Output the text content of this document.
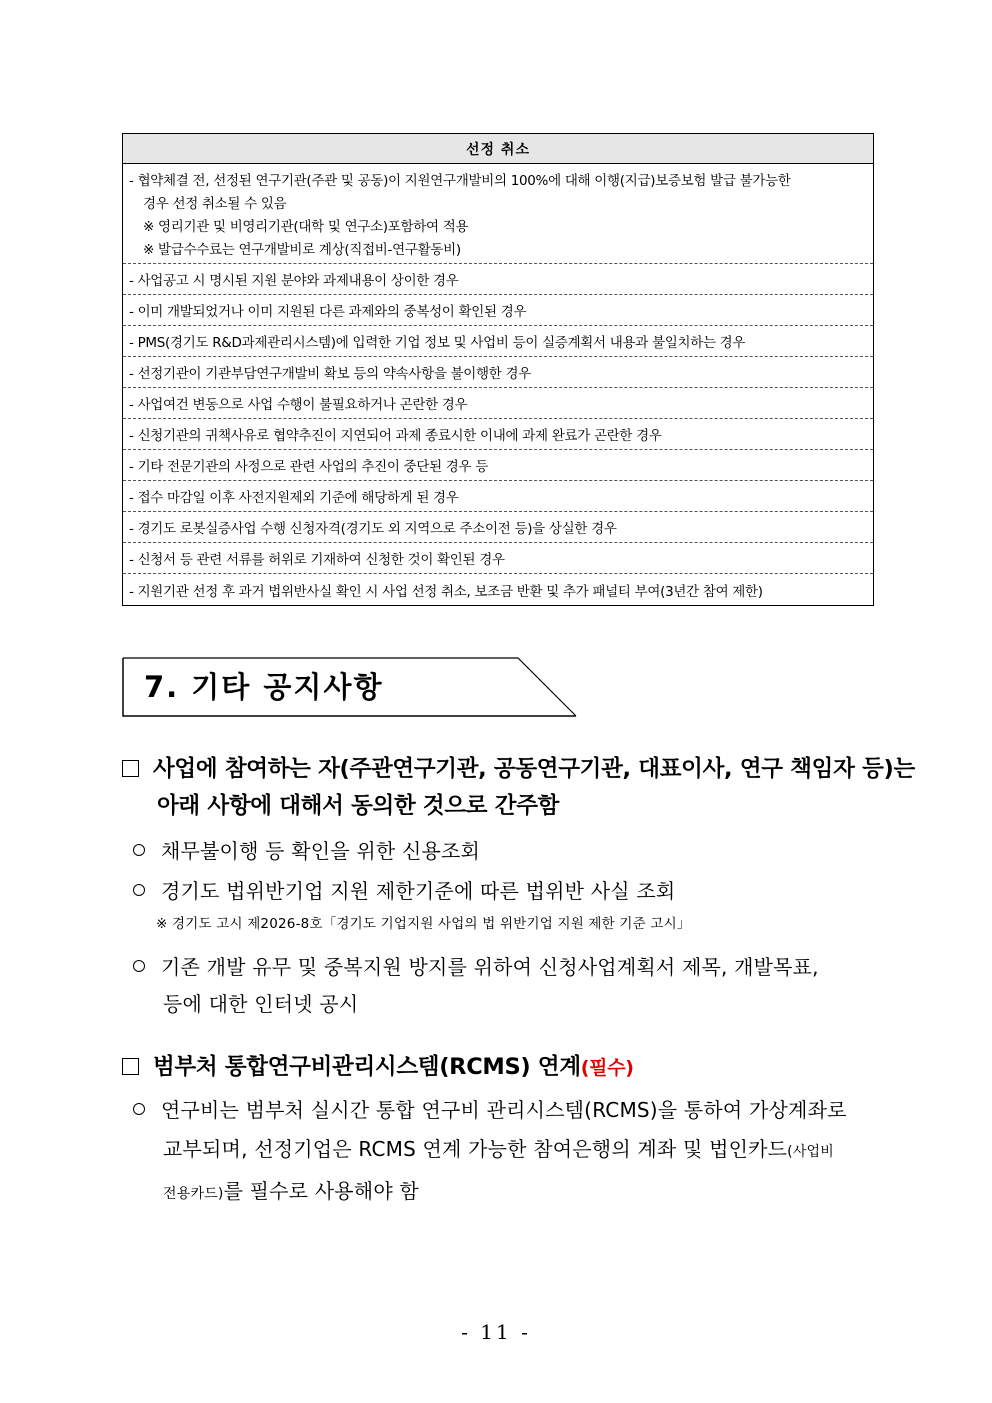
선정 취소
- 협약체결 전, 선정된 연구기관(주관 및 공동)이 지원연구개발비의 100%에 대해 이행(지급)보증보험 발급 불가능한
경우 선정 취소될 수 있음
※ 영리기관 및 비영리기관(대학 및 연구소)포함하여 적용
※ 발급수수료는 연구개발비로 계상(직접비-연구활동비)
- 사업공고 시 명시된 지원 분야와 과제내용이 상이한 경우
- 이미 개발되었거나 이미 지원된 다른 과제와의 중복성이 확인된 경우
- PMS(경기도 R&D과제관리시스템)에 입력한 기업 정보 및 사업비 등이 실증계획서 내용과 불일치하는 경우
- 선정기관이 기관부담연구개발비 확보 등의 약속사항을 불이행한 경우
- 사업여건 변동으로 사업 수행이 불필요하거나 곤란한 경우
- 신청기관의 귀책사유로 협약추진이 지연되어 과제 종료시한 이내에 과제 완료가 곤란한 경우
- 기타 전문기관의 사정으로 관련 사업의 추진이 중단된 경우 등
- 접수 마감일 이후 사전지원제외 기준에 해당하게 된 경우
- 경기도 로봇실증사업 수행 신청자격(경기도 외 지역으로 주소이전 등)을 상실한 경우
- 신청서 등 관련 서류를 허위로 기재하여 신청한 것이 확인된 경우
- 지원기관 선정 후 과거 법위반사실 확인 시 사업 선정 취소, 보조금 반환 및 추가 패널티 부여(3년간 참여 제한)
7. 기타 공지사항
사업에 참여하는 자(주관연구기관, 공동연구기관, 대표이사, 연구 책임자 등)는
아래 사항에 대해서 동의한 것으로 간주함
채무불이행 등 확인을 위한 신용조회
경기도 법위반기업 지원 제한기준에 따른 법위반 사실 조회
※ 경기도 고시 제2026-8호「경기도 기업지원 사업의 법 위반기업 지원 제한 기준 고시」
기존 개발 유무 및 중복지원 방지를 위하여 신청사업계획서 제목, 개발목표,
등에 대한 인터넷 공시
범부처 통합연구비관리시스템(RCMS) 연계(필수)
연구비는 범부처 실시간 통합 연구비 관리시스템(RCMS)을 통하여 가상계좌로
교부되며, 선정기업은 RCMS 연계 가능한 참여은행의 계좌 및 법인카드(사업비
전용카드)를 필수로 사용해야 함
- 11 -
